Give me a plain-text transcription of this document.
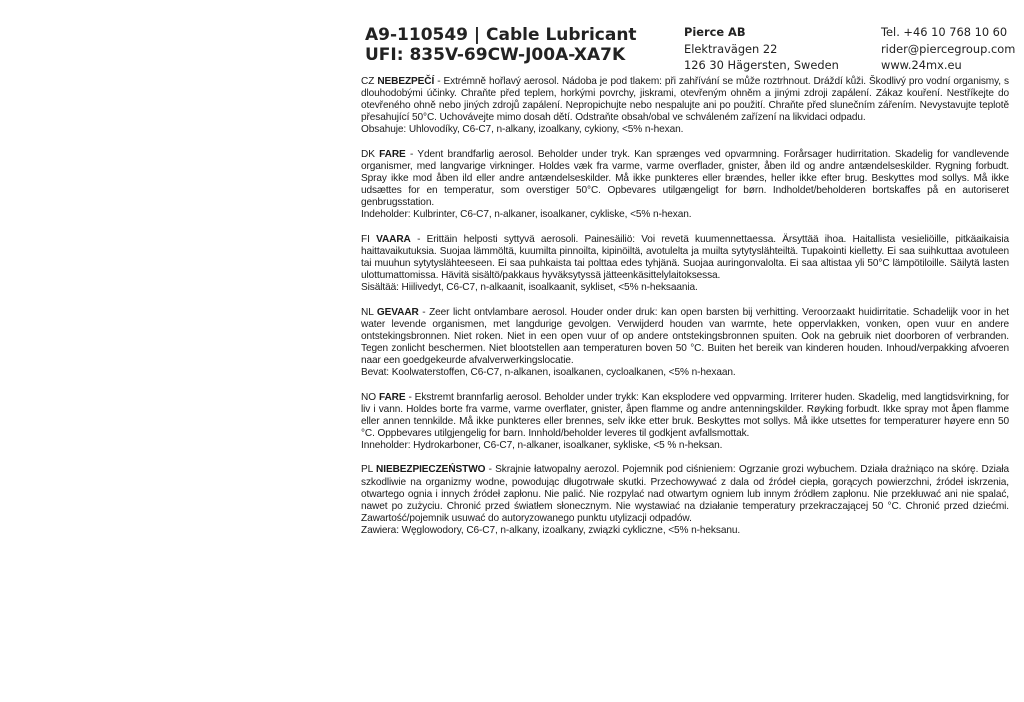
A9-110549 | Cable Lubricant
UFI: 835V-69CW-J00A-XA7K
Pierce AB
Elektravägen 22
126 30 Hägersten, Sweden
Tel. +46 10 768 10 60
rider@piercegroup.com
www.24mx.eu
CZ NEBEZPEČÍ - Extrémně hořlavý aerosol. Nádoba je pod tlakem: při zahřívání se může roztrhnout. Dráždí kůži. Škodlivý pro vodní organismy, s dlouhodobými účinky. Chraňte před teplem, horkými povrchy, jiskrami, otevřeným ohněm a jinými zdroji zapálení. Zákaz kouření. Nestříkejte do otevřeného ohně nebo jiných zdrojů zapálení. Nepropichujte nebo nespalujte ani po použití. Chraňte před slunečním zářením. Nevystavujte teplotě přesahující 50°C. Uchovávejte mimo dosah dětí. Odstraňte obsah/obal ve schváleném zařízení na likvidaci odpadu.
Obsahuje: Uhlovodíky, C6-C7, n-alkany, izoalkany, cykiony, <5% n-hexan.
DK FARE - Ydent brandfarlig aerosol. Beholder under tryk. Kan sprænges ved opvarmning. Forårsager hudirritation. Skadelig for vandlevende organismer, med langvarige virkninger. Holdes væk fra varme, varme overflader, gnister, åben ild og andre antændelseskilder. Rygning forbudt. Spray ikke mod åben ild eller andre antændelseskilder. Må ikke punkteres eller brændes, heller ikke efter brug. Beskyttes mod sollys. Må ikke udsættes for en temperatur, som overstiger 50°C. Opbevares utilgængeligt for børn. Indholdet/beholderen bortskaffes på en autoriseret genbrugsstation.
Indeholder: Kulbrinter, C6-C7, n-alkaner, isoalkaner, cykliske, <5% n-hexan.
FI VAARA - Erittäin helposti syttyvä aerosoli. Painesäiliö: Voi revetä kuumennettaessa. Ärsyttää ihoa. Haitallista vesieliöille, pitkäaikaisia haittavaikutuksia. Suojaa lämmöltä, kuumilta pinnoilta, kipinöiltä, avotulelta ja muilta sytytyslähteiltä. Tupakointi kielletty. Ei saa suihkuttaa avotuleen tai muuhun sytytyslähteeseen. Ei saa puhkaista tai polttaa edes tyhjänä. Suojaa auringonvalolta. Ei saa altistaa yli 50°C lämpötiloille. Säilytä lasten ulottumattomissa. Hävitä sisältö/pakkaus hyväksytyssä jätteenkäsittelylaitoksessa.
Sisältää: Hiilivedyt, C6-C7, n-alkaanit, isoalkaanit, sykliset, <5% n-heksaania.
NL GEVAAR - Zeer licht ontvlambare aerosol. Houder onder druk: kan open barsten bij verhitting. Veroorzaakt huidirritatie. Schadelijk voor in het water levende organismen, met langdurige gevolgen. Verwijderd houden van warmte, hete oppervlakken, vonken, open vuur en andere ontstekingsbronnen. Niet roken. Niet in een open vuur of op andere ontstekingsbronnen spuiten. Ook na gebruik niet doorboren of verbranden. Tegen zonlicht beschermen. Niet blootstellen aan temperaturen boven 50 °C. Buiten het bereik van kinderen houden. Inhoud/verpakking afvoeren naar een goedgekeurde afvalverwerkingslocatie.
Bevat: Koolwaterstoffen, C6-C7, n-alkanen, isoalkanen, cycloalkanen, <5% n-hexaan.
NO FARE - Ekstremt brannfarlig aerosol. Beholder under trykk: Kan eksplodere ved oppvarming. Irriterer huden. Skadelig, med langtidsvirkning, for liv i vann. Holdes borte fra varme, varme overflater, gnister, åpen flamme og andre antenningskilder. Røyking forbudt. Ikke spray mot åpen flamme eller annen tennkilde. Må ikke punkteres eller brennes, selv ikke etter bruk. Beskyttes mot sollys. Må ikke utsettes for temperaturer høyere enn 50 °C. Oppbevares utilgjengelig for barn. Innhold/beholder leveres til godkjent avfallsmottak.
Inneholder: Hydrokarboner, C6-C7, n-alkaner, isoalkaner, sykliske, <5 % n-heksan.
PL NIEBEZPIECZEŃSTWO - Skrajnie łatwopalny aerozol. Pojemnik pod ciśnieniem: Ogrzanie grozi wybuchem. Działa drażniąco na skórę. Działa szkodliwie na organizmy wodne, powodując długotrwałe skutki. Przechowywać z dala od źródeł ciepła, gorących powierzchni, źródeł iskrzenia, otwartego ognia i innych źródeł zapłonu. Nie palić. Nie rozpylać nad otwartym ogniem lub innym źródłem zapłonu. Nie przekłuwać ani nie spalać, nawet po zużyciu. Chronić przed światłem słonecznym. Nie wystawiać na działanie temperatury przekraczającej 50 °C. Chronić przed dziećmi. Zawartość/pojemnik usuwać do autoryzowanego punktu utylizacji odpadów.
Zawiera: Węglowodory, C6-C7, n-alkany, izoalkany, związki cykliczne, <5% n-heksanu.
